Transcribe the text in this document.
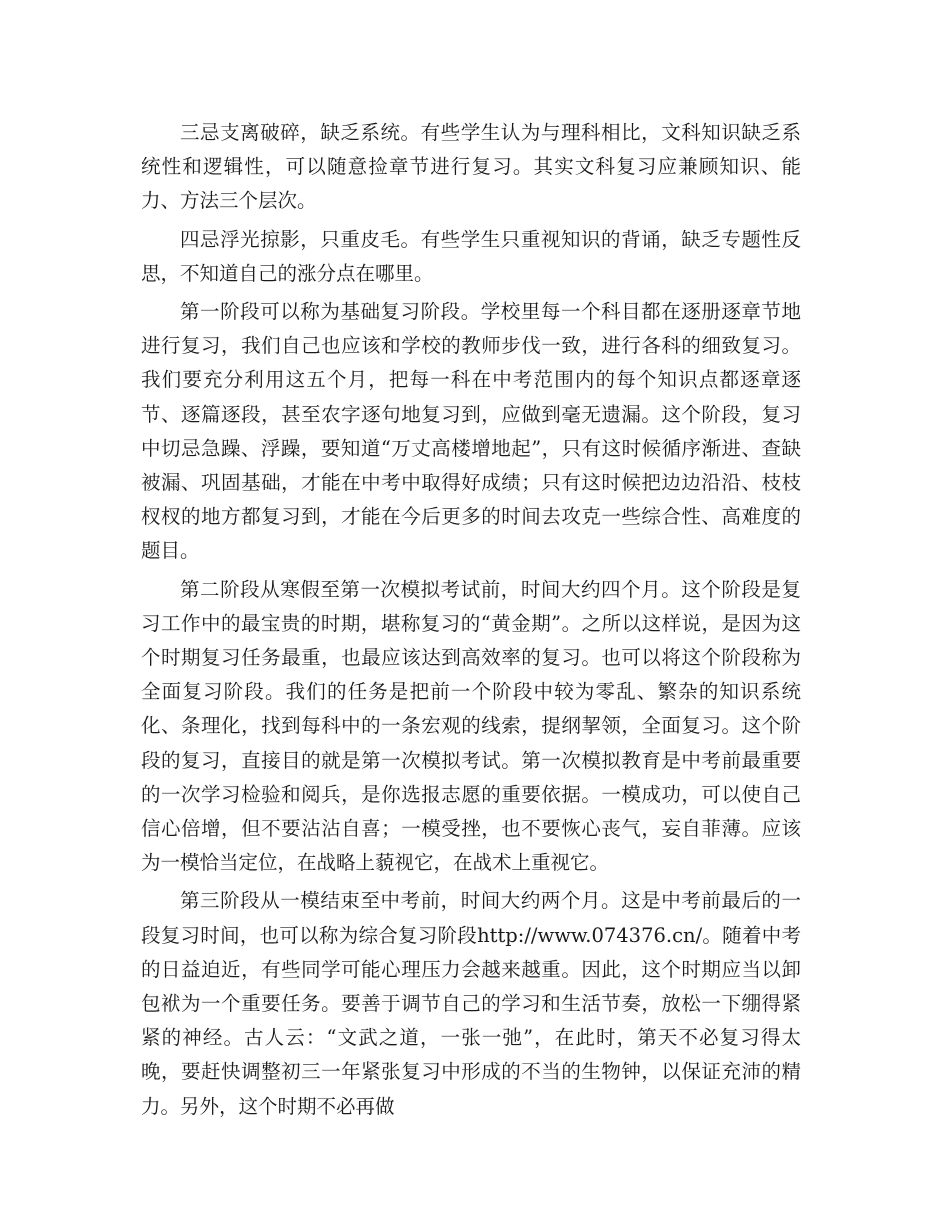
三忌支离破碎，缺乏系统。有些学生认为与理科相比，文科知识缺乏系统性和逻辑性，可以随意捡章节进行复习。其实文科复习应兼顾知识、能力、方法三个层次。

四忌浮光掠影，只重皮毛。有些学生只重视知识的背诵，缺乏专题性反思，不知道自己的涨分点在哪里。

第一阶段可以称为基础复习阶段。学校里每一个科目都在逐册逐章节地进行复习，我们自己也应该和学校的教师步伐一致，进行各科的细致复习。我们要充分利用这五个月，把每一科在中考范围内的每个知识点都逐章逐节、逐篇逐段，甚至农字逐句地复习到，应做到毫无遗漏。这个阶段，复习中切忌急躁、浮躁，要知道“万丈高楼增地起”，只有这时候循序渐进、查缺被漏、巩固基础，才能在中考中取得好成绩；只有这时候把边边沿沿、枝枝杈杈的地方都复习到，才能在今后更多的时间去攻克一些综合性、高难度的题目。

第二阶段从寒假至第一次模拟考试前，时间大约四个月。这个阶段是复习工作中的最宝贵的时期，堪称复习的“黄金期”。之所以这样说，是因为这个时期复习任务最重，也最应该达到高效率的复习。也可以将这个阶段称为全面复习阶段。我们的任务是把前一个阶段中较为零乱、繁杂的知识系统化、条理化，找到每科中的一条宏观的线索，提纲挈领，全面复习。这个阶段的复习，直接目的就是第一次模拟考试。第一次模拟教育是中考前最重要的一次学习检验和阅兵，是你选报志愿的重要依据。一模成功，可以使自己信心倍增，但不要沾沾自喜；一模受挫，也不要恢心丧气，妄自菲薄。应该为一模恰当定位，在战略上藐视它，在战术上重视它。

第三阶段从一模结束至中考前，时间大约两个月。这是中考前最后的一段复习时间，也可以称为综合复习阶段http://www.074376.cn/。随着中考的日益迫近，有些同学可能心理压力会越来越重。因此，这个时期应当以卸包袱为一个重要任务。要善于调节自己的学习和生活节奏，放松一下绷得紧紧的神经。古人云：“文武之道，一张一弛”，在此时，第天不必复习得太晚，要赶快调整初三一年紧张复习中形成的不当的生物钟，以保证充沛的精力。另外，这个时期不必再做
